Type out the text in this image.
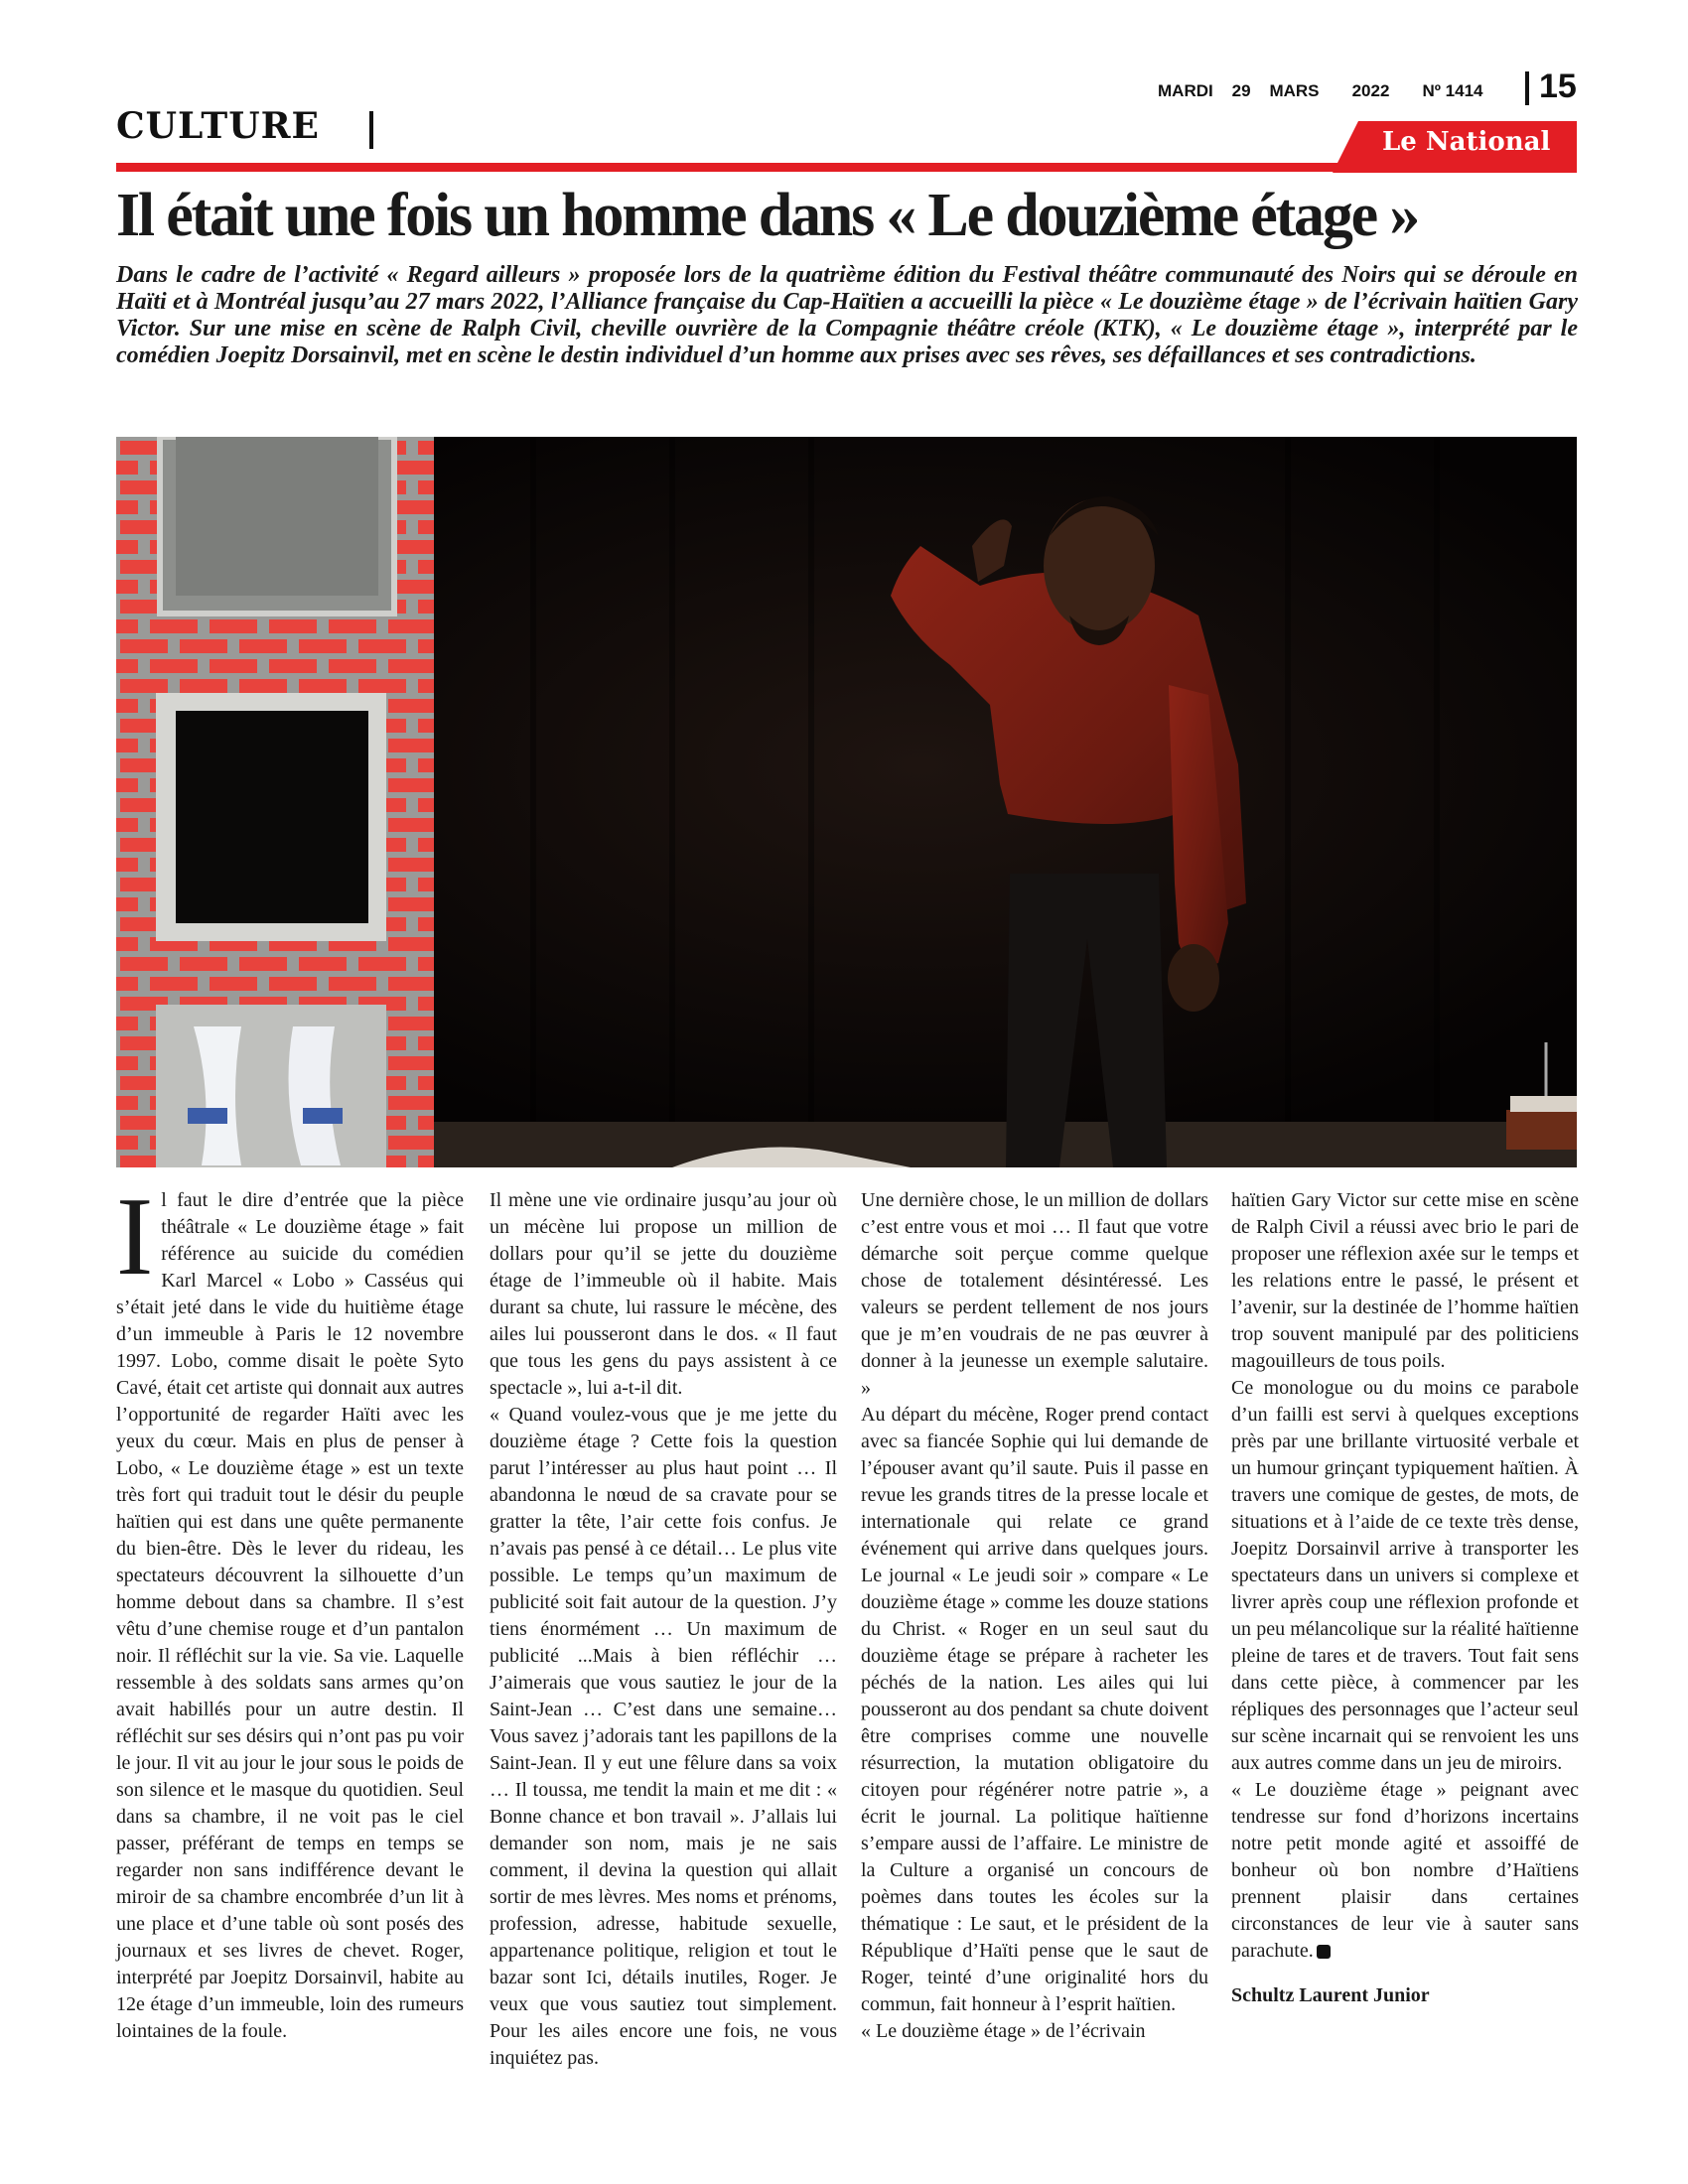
CULTURE
MARDI 29 MARS 2022 Nº 1414 15
Le National
Il était une fois un homme dans « Le douzième étage »
Dans le cadre de l’activité « Regard ailleurs » proposée lors de la quatrième édition du Festival théâtre communauté des Noirs qui se déroule en Haïti et à Montréal jusqu’au 27 mars 2022, l’Alliance française du Cap-Haïtien a accueilli la pièce « Le douzième étage » de l’écrivain haïtien Gary Victor. Sur une mise en scène de Ralph Civil, cheville ouvrière de la Compagnie théâtre créole (KTK), « Le douzième étage », interprété par le comédien Joepitz Dorsainvil, met en scène le destin individuel d’un homme aux prises avec ses rêves, ses défaillances et ses contradictions.

Il faut le dire d’entrée que la pièce théâtrale « Le douzième étage » fait référence au suicide du comédien Karl Marcel « Lobo » Casséus qui s’était jeté dans le vide du huitième étage d’un immeuble à Paris le 12 novembre 1997. Lobo, comme disait le poète Syto Cavé, était cet artiste qui donnait aux autres l’opportunité de regarder Haïti avec les yeux du cœur. Mais en plus de penser à Lobo, « Le douzième étage » est un texte très fort qui traduit tout le désir du peuple haïtien qui est dans une quête permanente du bien-être. Dès le lever du rideau, les spectateurs découvrent la silhouette d’un homme debout dans sa chambre. Il s’est vêtu d’une chemise rouge et d’un pantalon noir. Il réfléchit sur la vie. Sa vie. Laquelle ressemble à des soldats sans armes qu’on avait habillés pour un autre destin. Il réfléchit sur ses désirs qui n’ont pas pu voir le jour. Il vit au jour le jour sous le poids de son silence et le masque du quotidien. Seul dans sa chambre, il ne voit pas le ciel passer, préférant de temps en temps se regarder non sans indifférence devant le miroir de sa chambre encombrée d’un lit à une place et d’une table où sont posés des journaux et ses livres de chevet. Roger, interprété par Joepitz Dorsainvil, habite au 12e étage d’un immeuble, loin des rumeurs lointaines de la foule.

Il mène une vie ordinaire jusqu’au jour où un mécène lui propose un million de dollars pour qu’il se jette du douzième étage de l’immeuble où il habite. Mais durant sa chute, lui rassure le mécène, des ailes lui pousseront dans le dos. « Il faut que tous les gens du pays assistent à ce spectacle », lui a-t-il dit.

« Quand voulez-vous que je me jette du douzième étage ? Cette fois la question parut l’intéresser au plus haut point … Il abandonna le nœud de sa cravate pour se gratter la tête, l’air cette fois confus. Je n’avais pas pensé à ce détail… Le plus vite possible. Le temps qu’un maximum de publicité soit fait autour de la question. J’y tiens énormément … Un maximum de publicité ...Mais à bien réfléchir … J’aimerais que vous sautiez le jour de la Saint-Jean … C’est dans une semaine… Vous savez j’adorais tant les papillons de la Saint-Jean. Il y eut une fêlure dans sa voix … Il toussa, me tendit la main et me dit : « Bonne chance et bon travail ». J’allais lui demander son nom, mais je ne sais comment, il devina la question qui allait sortir de mes lèvres. Mes noms et prénoms, profession, adresse, habitude sexuelle, appartenance politique, religion et tout le bazar sont Ici, détails inutiles, Roger. Je veux que vous sautiez tout simplement. Pour les ailes encore une fois, ne vous inquiétez pas.

Une dernière chose, le un million de dollars c’est entre vous et moi … Il faut que votre démarche soit perçue comme quelque chose de totalement désintéressé. Les valeurs se perdent tellement de nos jours que je m’en voudrais de ne pas œuvrer à donner à la jeunesse un exemple salutaire. »

Au départ du mécène, Roger prend contact avec sa fiancée Sophie qui lui demande de l’épouser avant qu’il saute. Puis il passe en revue les grands titres de la presse locale et internationale qui relate ce grand événement qui arrive dans quelques jours. Le journal « Le jeudi soir » compare « Le douzième étage » comme les douze stations du Christ. « Roger en un seul saut du douzième étage se prépare à racheter les péchés de la nation. Les ailes qui lui pousseront au dos pendant sa chute doivent être comprises comme une nouvelle résurrection, la mutation obligatoire du citoyen pour régénérer notre patrie », a écrit le journal. La politique haïtienne s’empare aussi de l’affaire. Le ministre de la Culture a organisé un concours de poèmes dans toutes les écoles sur la thématique : Le saut, et le président de la République d’Haïti pense que le saut de Roger, teinté d’une originalité hors du commun, fait honneur à l’esprit haïtien.

« Le douzième étage » de l’écrivain

haïtien Gary Victor sur cette mise en scène de Ralph Civil a réussi avec brio le pari de proposer une réflexion axée sur le temps et les relations entre le passé, le présent et l’avenir, sur la destinée de l’homme haïtien trop souvent manipulé par des politiciens magouilleurs de tous poils.

Ce monologue ou du moins ce parabole d’un failli est servi à quelques exceptions près par une brillante virtuosité verbale et un humour grinçant typiquement haïtien. À travers une comique de gestes, de mots, de situations et à l’aide de ce texte très dense, Joepitz Dorsainvil arrive à transporter les spectateurs dans un univers si complexe et livrer après coup une réflexion profonde et un peu mélancolique sur la réalité haïtienne pleine de tares et de travers. Tout fait sens dans cette pièce, à commencer par les répliques des personnages que l’acteur seul sur scène incarnait qui se renvoient les uns aux autres comme dans un jeu de miroirs.

« Le douzième étage » peignant avec tendresse sur fond d’horizons incertains notre petit monde agité et assoiffé de bonheur où bon nombre d’Haïtiens prennent plaisir dans certaines circonstances de leur vie à sauter sans parachute.

Schultz Laurent Junior
